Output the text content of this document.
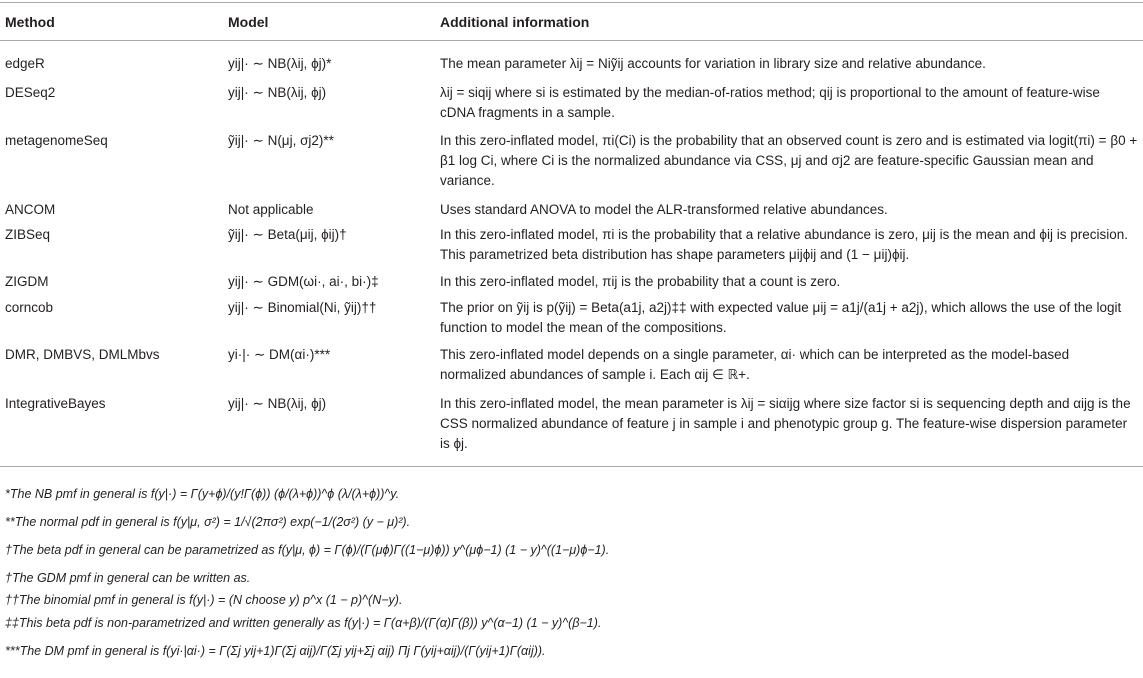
Method	Model	Additional information
edgeR	yij|· ∼ NB(λij, ϕj)*	The mean parameter λij = Niỹij accounts for variation in library size and relative abundance.
DESeq2	yij|· ∼ NB(λij, ϕj)	λij = siqij where si is estimated by the median-of-ratios method; qij is proportional to the amount of feature-wise cDNA fragments in a sample.
metagenomeSeq	ỹij|· ∼ N(μj, σj2)**	In this zero-inflated model, πi(Ci) is the probability that an observed count is zero and is estimated via logit(πi) = β0 + β1 log Ci, where Ci is the normalized abundance via CSS, μj and σj2 are feature-specific Gaussian mean and variance.
ANCOM	Not applicable	Uses standard ANOVA to model the ALR-transformed relative abundances.
ZIBSeq	ỹij|· ∼ Beta(μij, ϕij)†	In this zero-inflated model, πi is the probability that a relative abundance is zero, μij is the mean and ϕij is precision. This parametrized beta distribution has shape parameters μijϕij and (1 − μij)ϕij.
ZIGDM	yij|· ∼ GDM(ωi·, ai·, bi·)‡	In this zero-inflated model, πij is the probability that a count is zero.
corncob	yij|· ∼ Binomial(Ni, ỹij)††	The prior on ỹij is p(ỹij) = Beta(a1j, a2j)‡‡ with expected value μij = a1j/(a1j + a2j), which allows the use of the logit function to model the mean of the compositions.
DMR, DMBVS, DMLMbvs	yi·|· ∼ DM(αi·)***	This zero-inflated model depends on a single parameter, αi· which can be interpreted as the model-based normalized abundances of sample i. Each αij ∈ ℝ+.
IntegrativeBayes	yij|· ∼ NB(λij, ϕj)	In this zero-inflated model, the mean parameter is λij = siαijg where size factor si is sequencing depth and αijg is the CSS normalized abundance of feature j in sample i and phenotypic group g. The feature-wise dispersion parameter is ϕj.
*The NB pmf in general is f(y|·) = Γ(y+ϕ)/(y!Γ(ϕ)) (ϕ/(λ+ϕ))^ϕ (λ/(λ+ϕ))^y.
**The normal pdf in general is f(y|μ, σ²) = 1/√(2πσ²) exp(−1/(2σ²) (y − μ)²).
†The beta pdf in general can be parametrized as f(y|μ, ϕ) = Γ(ϕ)/(Γ(μϕ)Γ((1−μ)ϕ)) y^(μϕ−1) (1 − y)^((1−μ)ϕ−1).
†The GDM pmf in general can be written as.
††The binomial pmf in general is f(y|·) = (N choose y) p^x (1 − p)^(N−y).
‡‡This beta pdf is non-parametrized and written generally as f(y|·) = Γ(α+β)/(Γ(α)Γ(β)) y^(α−1) (1 − y)^(β−1).
***The DM pmf in general is f(yi·|αi·) = Γ(Σj yij+1)Γ(Σj αij)/Γ(Σj yij+Σj αij) Πj Γ(yij+αij)/(Γ(yij+1)Γ(αij)).
